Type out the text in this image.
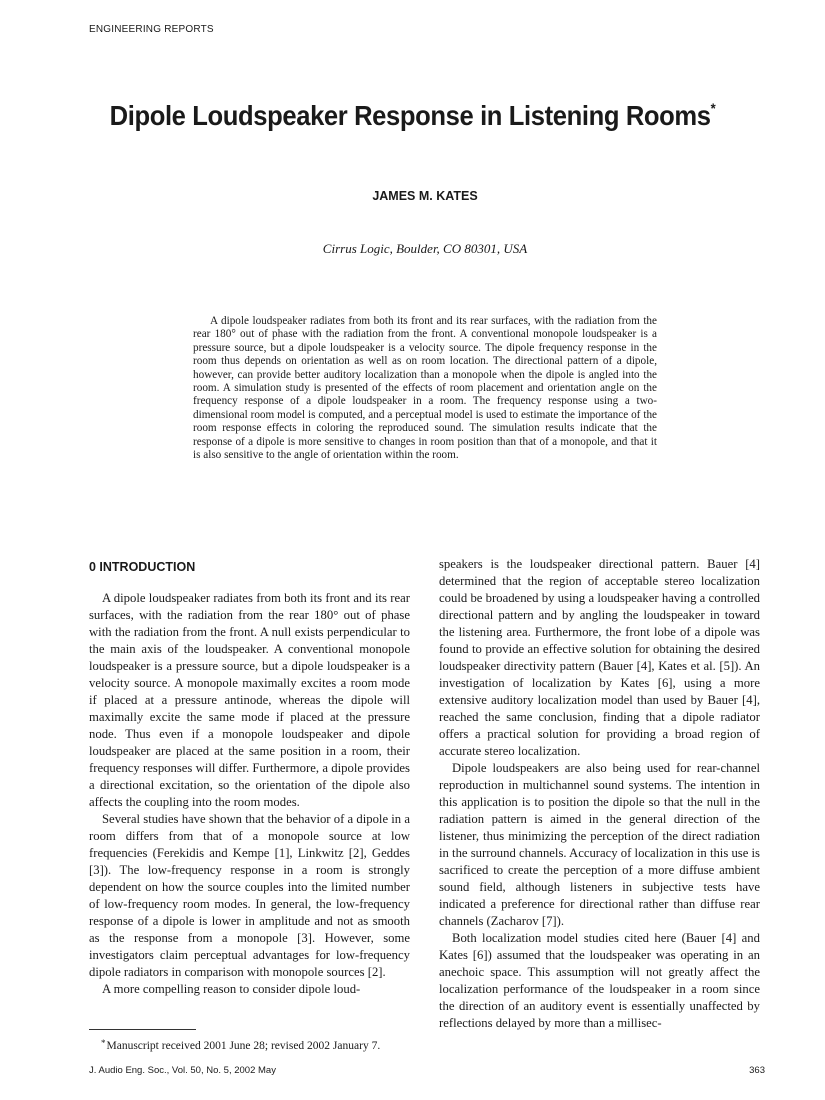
ENGINEERING REPORTS
Dipole Loudspeaker Response in Listening Rooms*
JAMES M. KATES
Cirrus Logic, Boulder, CO 80301, USA

A dipole loudspeaker radiates from both its front and its rear surfaces, with the radiation from the rear 180° out of phase with the radiation from the front. A conventional monopole loudspeaker is a pressure source, but a dipole loudspeaker is a velocity source. The dipole frequency response in the room thus depends on orientation as well as on room location. The directional pattern of a dipole, however, can provide better auditory localization than a monopole when the dipole is angled into the room. A simulation study is presented of the effects of room placement and orientation angle on the frequency response of a dipole loudspeaker in a room. The frequency response using a two-dimensional room model is computed, and a perceptual model is used to estimate the importance of the room response effects in coloring the reproduced sound. The simulation results indicate that the response of a dipole is more sensitive to changes in room position than that of a monopole, and that it is also sensitive to the angle of orientation within the room.

0 INTRODUCTION

A dipole loudspeaker radiates from both its front and its rear surfaces, with the radiation from the rear 180° out of phase with the radiation from the front. A null exists perpendicular to the main axis of the loudspeaker. A conventional monopole loudspeaker is a pressure source, but a dipole loudspeaker is a velocity source. A monopole maximally excites a room mode if placed at a pressure antinode, whereas the dipole will maximally excite the same mode if placed at the pressure node. Thus even if a monopole loudspeaker and dipole loudspeaker are placed at the same position in a room, their frequency responses will differ. Furthermore, a dipole provides a directional excitation, so the orientation of the dipole also affects the coupling into the room modes.

Several studies have shown that the behavior of a dipole in a room differs from that of a monopole source at low frequencies (Ferekidis and Kempe [1], Linkwitz [2], Geddes [3]). The low-frequency response in a room is strongly dependent on how the source couples into the limited number of low-frequency room modes. In general, the low-frequency response of a dipole is lower in amplitude and not as smooth as the response from a monopole [3]. However, some investigators claim perceptual advantages for low-frequency dipole radiators in comparison with monopole sources [2].

A more compelling reason to consider dipole loud-

speakers is the loudspeaker directional pattern. Bauer [4] determined that the region of acceptable stereo localization could be broadened by using a loudspeaker having a controlled directional pattern and by angling the loudspeaker in toward the listening area. Furthermore, the front lobe of a dipole was found to provide an effective solution for obtaining the desired loudspeaker directivity pattern (Bauer [4], Kates et al. [5]). An investigation of localization by Kates [6], using a more extensive auditory localization model than used by Bauer [4], reached the same conclusion, finding that a dipole radiator offers a practical solution for providing a broad region of accurate stereo localization.

Dipole loudspeakers are also being used for rear-channel reproduction in multichannel sound systems. The intention in this application is to position the dipole so that the null in the radiation pattern is aimed in the general direction of the listener, thus minimizing the perception of the direct radiation in the surround channels. Accuracy of localization in this use is sacrificed to create the perception of a more diffuse ambient sound field, although listeners in subjective tests have indicated a preference for directional rather than diffuse rear channels (Zacharov [7]).

Both localization model studies cited here (Bauer [4] and Kates [6]) assumed that the loudspeaker was operating in an anechoic space. This assumption will not greatly affect the localization performance of the loudspeaker in a room since the direction of an auditory event is essentially unaffected by reflections delayed by more than a millisec-

*Manuscript received 2001 June 28; revised 2002 January 7.
J. Audio Eng. Soc., Vol. 50, No. 5, 2002 May	363
